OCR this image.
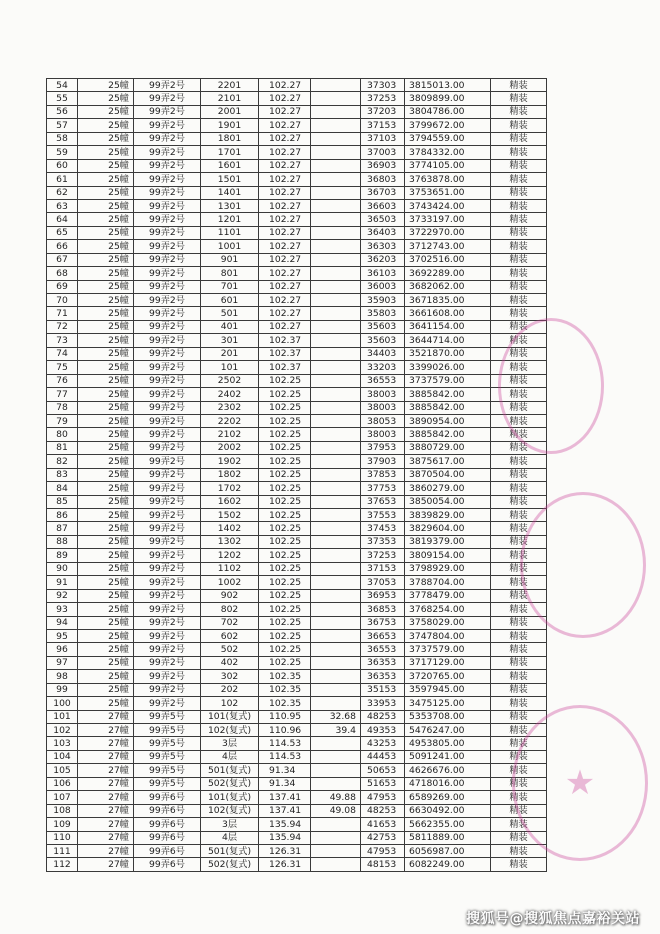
54	25幢	99弄2号	2201	102.27		37303	3815013.00	精装
55	25幢	99弄2号	2101	102.27		37253	3809899.00	精装
56	25幢	99弄2号	2001	102.27		37203	3804786.00	精装
57	25幢	99弄2号	1901	102.27		37153	3799672.00	精装
58	25幢	99弄2号	1801	102.27		37103	3794559.00	精装
59	25幢	99弄2号	1701	102.27		37003	3784332.00	精装
60	25幢	99弄2号	1601	102.27		36903	3774105.00	精装
61	25幢	99弄2号	1501	102.27		36803	3763878.00	精装
62	25幢	99弄2号	1401	102.27		36703	3753651.00	精装
63	25幢	99弄2号	1301	102.27		36603	3743424.00	精装
64	25幢	99弄2号	1201	102.27		36503	3733197.00	精装
65	25幢	99弄2号	1101	102.27		36403	3722970.00	精装
66	25幢	99弄2号	1001	102.27		36303	3712743.00	精装
67	25幢	99弄2号	901	102.27		36203	3702516.00	精装
68	25幢	99弄2号	801	102.27		36103	3692289.00	精装
69	25幢	99弄2号	701	102.27		36003	3682062.00	精装
70	25幢	99弄2号	601	102.27		35903	3671835.00	精装
71	25幢	99弄2号	501	102.27		35803	3661608.00	精装
72	25幢	99弄2号	401	102.27		35603	3641154.00	精装
73	25幢	99弄2号	301	102.37		35603	3644714.00	精装
74	25幢	99弄2号	201	102.37		34403	3521870.00	精装
75	25幢	99弄2号	101	102.37		33203	3399026.00	精装
76	25幢	99弄2号	2502	102.25		36553	3737579.00	精装
77	25幢	99弄2号	2402	102.25		38003	3885842.00	精装
78	25幢	99弄2号	2302	102.25		38003	3885842.00	精装
79	25幢	99弄2号	2202	102.25		38053	3890954.00	精装
80	25幢	99弄2号	2102	102.25		38003	3885842.00	精装
81	25幢	99弄2号	2002	102.25		37953	3880729.00	精装
82	25幢	99弄2号	1902	102.25		37903	3875617.00	精装
83	25幢	99弄2号	1802	102.25		37853	3870504.00	精装
84	25幢	99弄2号	1702	102.25		37753	3860279.00	精装
85	25幢	99弄2号	1602	102.25		37653	3850054.00	精装
86	25幢	99弄2号	1502	102.25		37553	3839829.00	精装
87	25幢	99弄2号	1402	102.25		37453	3829604.00	精装
88	25幢	99弄2号	1302	102.25		37353	3819379.00	精装
89	25幢	99弄2号	1202	102.25		37253	3809154.00	精装
90	25幢	99弄2号	1102	102.25		37153	3798929.00	精装
91	25幢	99弄2号	1002	102.25		37053	3788704.00	精装
92	25幢	99弄2号	902	102.25		36953	3778479.00	精装
93	25幢	99弄2号	802	102.25		36853	3768254.00	精装
94	25幢	99弄2号	702	102.25		36753	3758029.00	精装
95	25幢	99弄2号	602	102.25		36653	3747804.00	精装
96	25幢	99弄2号	502	102.25		36553	3737579.00	精装
97	25幢	99弄2号	402	102.25		36353	3717129.00	精装
98	25幢	99弄2号	302	102.35		36353	3720765.00	精装
99	25幢	99弄2号	202	102.35		35153	3597945.00	精装
100	25幢	99弄2号	102	102.35		33953	3475125.00	精装
101	27幢	99弄5号	101(复式)	110.95	32.68	48253	5353708.00	精装
102	27幢	99弄5号	102(复式)	110.96	39.4	49353	5476247.00	精装
103	27幢	99弄5号	3层	114.53		43253	4953805.00	精装
104	27幢	99弄5号	4层	114.53		44453	5091241.00	精装
105	27幢	99弄5号	501(复式)	91.34		50653	4626676.00	精装
106	27幢	99弄5号	502(复式)	91.34		51653	4718016.00	精装
107	27幢	99弄6号	101(复式)	137.41	49.88	47953	6589269.00	精装
108	27幢	99弄6号	102(复式)	137.41	49.08	48253	6630492.00	精装
109	27幢	99弄6号	3层	135.94		41653	5662355.00	精装
110	27幢	99弄6号	4层	135.94		42753	5811889.00	精装
111	27幢	99弄6号	501(复式)	126.31		47953	6056987.00	精装
112	27幢	99弄6号	502(复式)	126.31		48153	6082249.00	精装
★
搜狐号@搜狐焦点嘉裕关站
